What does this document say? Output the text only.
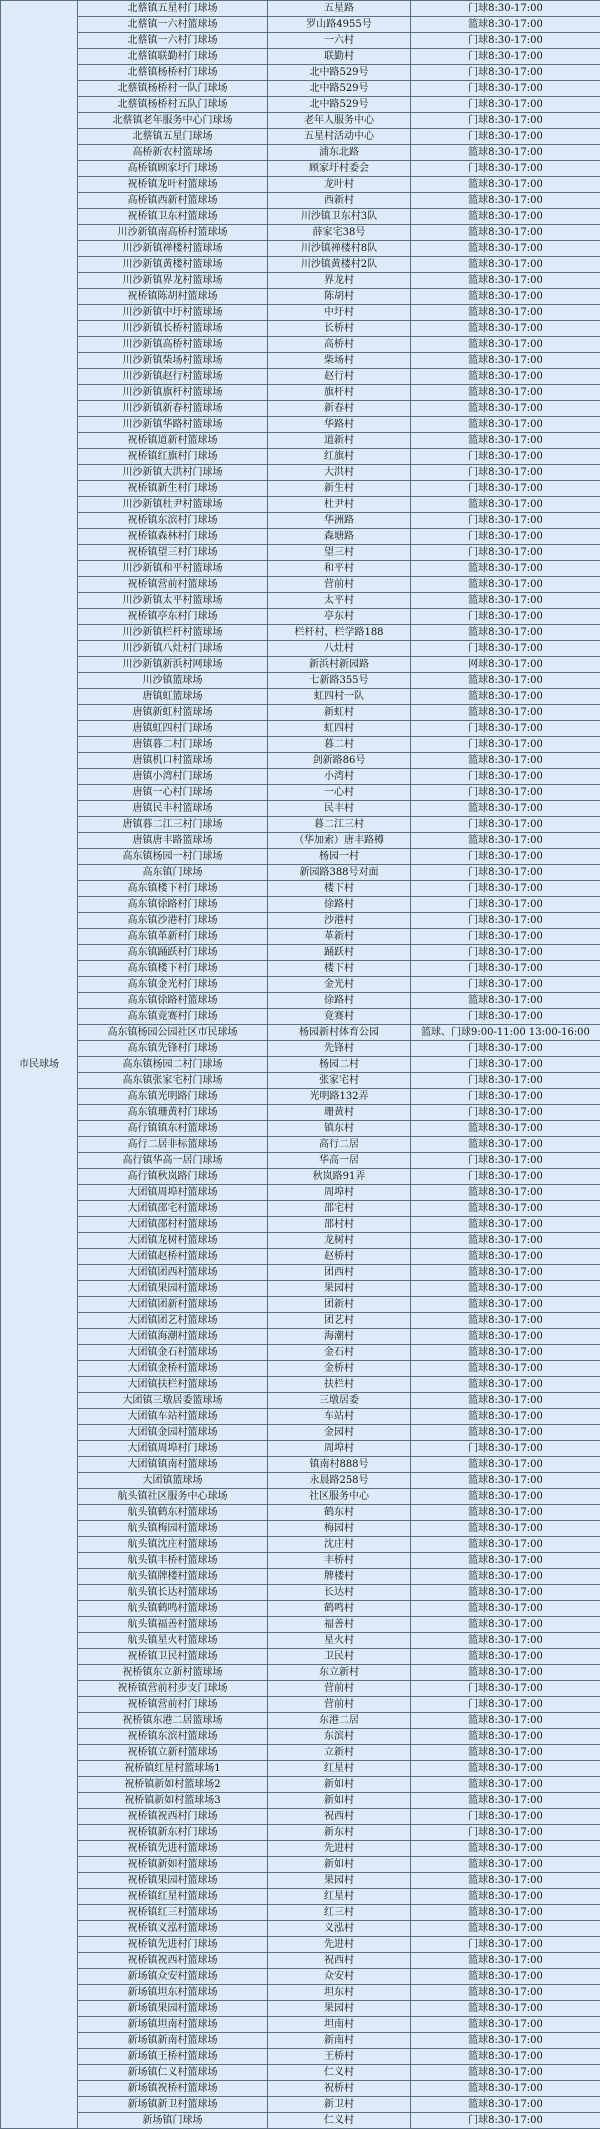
市民球场	北蔡镇五星村门球场	五星路	门球8:30-17:00
	北蔡镇一六村篮球场	罗山路4955号	篮球8:30-17:00
	北蔡镇一六村门球场	一六村	门球8:30-17:00
	北蔡镇联勤村门球场	联勤村	门球8:30-17:00
	北蔡镇杨桥村门球场	北中路529号	门球8:30-17:00
	北蔡镇杨桥村一队门球场	北中路529号	门球8:30-17:00
	北蔡镇杨桥村五队门球场	北中路529号	门球8:30-17:00
	北蔡镇老年服务中心门球场	老年人服务中心	门球8:30-17:00
	北蔡镇五星门球场	五星村活动中心	门球8:30-17:00
	高桥新农村篮球场	浦东北路	篮球8:30-17:00
	高桥镇顾家圩门球场	顾家圩村委会	门球8:30-17:00
	祝桥镇龙叶村篮球场	龙叶村	篮球8:30-17:00
	高桥镇西新村篮球场	西新村	篮球8:30-17:00
	祝桥镇卫东村篮球场	川沙镇卫东村3队	篮球8:30-17:00
	川沙新镇南高桥村篮球场	薛家宅38号	篮球8:30-17:00
	川沙新镇禅楼村篮球场	川沙镇禅楼村8队	篮球8:30-17:00
	川沙新镇黄楼村篮球场	川沙镇黄楼村2队	篮球8:30-17:00
	川沙新镇界龙村篮球场	界龙村	篮球8:30-17:00
	祝桥镇陈胡村篮球场	陈胡村	篮球8:30-17:00
	川沙新镇中圩村篮球场	中圩村	篮球8:30-17:00
	川沙新镇长桥村篮球场	长桥村	篮球8:30-17:00
	川沙新镇高桥村篮球场	高桥村	篮球8:30-17:00
	川沙新镇柴场村篮球场	柴场村	篮球8:30-17:00
	川沙新镇赵行村篮球场	赵行村	篮球8:30-17:00
	川沙新镇旗杆村篮球场	旗杆村	篮球8:30-17:00
	川沙新镇新春村篮球场	新春村	篮球8:30-17:00
	川沙新镇华路村篮球场	华路村	篮球8:30-17:00
	祝桥镇道新村篮球场	道新村	篮球8:30-17:00
	祝桥镇红旗村门球场	红旗村	门球8:30-17:00
	川沙新镇大洪村门球场	大洪村	门球8:30-17:00
	祝桥镇新生村门球场	新生村	门球8:30-17:00
	川沙新镇杜尹村篮球场	杜尹村	篮球8:30-17:00
	祝桥镇东滨村门球场	华洲路	门球8:30-17:00
	祝桥镇森林村门球场	森塘路	门球8:30-17:00
	祝桥镇望三村门球场	望三村	门球8:30-17:00
	川沙新镇和平村篮球场	和平村	篮球8:30-17:00
	祝桥镇营前村篮球场	营前村	篮球8:30-17:00
	川沙新镇太平村篮球场	太平村	篮球8:30-17:00
	祝桥镇亭东村门球场	亭东村	门球8:30-17:00
	川沙新镇栏杆村篮球场	栏杆村，栏学路188	篮球8:30-17:00
	川沙新镇八灶村门球场	八灶村	门球8:30-17:00
	川沙新镇新浜村网球场	新浜村新园路	网球8:30-17:00
	川沙镇篮球场	七新路355号	篮球8:30-17:00
	唐镇虹篮球场	虹四村一队	篮球8:30-17:00
	唐镇新虹村篮球场	新虹村	篮球8:30-17:00
	唐镇虹四村门球场	虹四村	门球8:30-17:00
	唐镇暮二村门球场	暮二村	门球8:30-17:00
	唐镇机口村篮球场	剑新路86号	篮球8:30-17:00
	唐镇小湾村门球场	小湾村	门球8:30-17:00
	唐镇一心村门球场	一心村	门球8:30-17:00
	唐镇民丰村篮球场	民丰村	篮球8:30-17:00
	唐镇暮二江三村门球场	暮二江三村	门球8:30-17:00
	唐镇唐丰路篮球场	（华加索）唐丰路樽	篮球8:30-17:00
	高东镇杨园一村门球场	杨园一村	门球8:30-17:00
	高东镇门球场	新园路388号对面	门球8:30-17:00
	高东镇楼下村门球场	楼下村	门球8:30-17:00
	高东镇徐路村门球场	徐路村	门球8:30-17:00
	高东镇沙港村门球场	沙港村	门球8:30-17:00
	高东镇革新村门球场	革新村	门球8:30-17:00
	高东镇踊跃村门球场	踊跃村	门球8:30-17:00
	高东镇楼下村门球场	楼下村	门球8:30-17:00
	高东镇金光村门球场	金光村	门球8:30-17:00
	高东镇徐路村篮球场	徐路村	篮球8:30-17:00
	高东镇竟赛村门球场	竟赛村	门球8:30-17:00
	高东镇杨园公园社区市民球场	杨园新村体育公园	篮球、门球9:00-11:00 13:00-16:00
	高东镇先锋村门球场	先锋村	门球8:30-17:00
	高东镇杨园二村门球场	杨园二村	门球8:30-17:00
	高东镇张家宅村门球场	张家宅村	门球8:30-17:00
	高东镇光明路门球场	光明路132弄	门球8:30-17:00
	高东镇珊黄村门球场	珊黄村	门球8:30-17:00
	高行镇镇东村篮球场	镇东村	篮球8:30-17:00
	高行二居非标篮球场	高行二居	篮球8:30-17:00
	高行镇华高一居门球场	华高一居	门球8:30-17:00
	高行镇秋岚路门球场	秋岚路91弄	门球8:30-17:00
	大团镇周埠村篮球场	周埠村	篮球8:30-17:00
	大团镇邵宅村篮球场	邵宅村	篮球8:30-17:00
	大团镇邵村村篮球场	邵村村	篮球8:30-17:00
	大团镇龙树村篮球场	龙树村	篮球8:30-17:00
	大团镇赵桥村篮球场	赵桥村	篮球8:30-17:00
	大团镇团西村篮球场	团西村	篮球8:30-17:00
	大团镇果园村篮球场	果园村	篮球8:30-17:00
	大团镇团新村篮球场	团新村	篮球8:30-17:00
	大团镇团艺村篮球场	团艺村	篮球8:30-17:00
	大团镇海潮村篮球场	海潮村	篮球8:30-17:00
	大团镇金石村篮球场	金石村	篮球8:30-17:00
	大团镇金桥村篮球场	金桥村	篮球8:30-17:00
	大团镇扶栏村篮球场	扶栏村	篮球8:30-17:00
	大团镇三墩居委篮球场	三墩居委	篮球8:30-17:00
	大团镇车站村篮球场	车站村	篮球8:30-17:00
	大团镇金园村篮球场	金园村	篮球8:30-17:00
	大团镇周埠村门球场	周埠村	门球8:30-17:00
	大团镇镇南村篮球场	镇南村888号	篮球8:30-17:00
	大团镇篮球场	永晨路258号	篮球8:30-17:00
	航头镇社区服务中心球场	社区服务中心	篮球8:30-17:00
	航头镇鹤东村篮球场	鹤东村	篮球8:30-17:00
	航头镇梅园村篮球场	梅园村	篮球8:30-17:00
	航头镇沈庄村篮球场	沈庄村	篮球8:30-17:00
	航头镇丰桥村篮球场	丰桥村	篮球8:30-17:00
	航头镇牌楼村篮球场	牌楼村	篮球8:30-17:00
	航头镇长达村篮球场	长达村	篮球8:30-17:00
	航头镇鹤鸣村篮球场	鹤鸣村	篮球8:30-17:00
	航头镇福善村篮球场	福善村	篮球8:30-17:00
	航头镇星火村篮球场	星火村	篮球8:30-17:00
	祝桥镇卫民村篮球场	卫民村	篮球8:30-17:00
	祝桥镇东立新村篮球场	东立新村	篮球8:30-17:00
	祝桥镇营前村步支门球场	营前村	门球8:30-17:00
	祝桥镇营前村门球场	营前村	门球8:30-17:00
	祝桥镇东港二居篮球场	东港二居	篮球8:30-17:00
	祝桥镇东滨村篮球场	东滨村	篮球8:30-17:00
	祝桥镇立新村篮球场	立新村	篮球8:30-17:00
	祝桥镇红星村篮球场1	红星村	篮球8:30-17:00
	祝桥镇新如村篮球场2	新如村	篮球8:30-17:00
	祝桥镇新如村篮球场3	新如村	篮球8:30-17:00
	祝桥镇祝西村门球场	祝西村	门球8:30-17:00
	祝桥镇新东村门球场	新东村	门球8:30-17:00
	祝桥镇先进村篮球场	先进村	篮球8:30-17:00
	祝桥镇新如村篮球场	新如村	篮球8:30-17:00
	祝桥镇果园村篮球场	果园村	篮球8:30-17:00
	祝桥镇红星村篮球场	红星村	篮球8:30-17:00
	祝桥镇红三村篮球场	红三村	篮球8:30-17:00
	祝桥镇义泓村篮球场	义泓村	篮球8:30-17:00
	祝桥镇先进村门球场	先进村	门球8:30-17:00
	祝桥镇祝西村篮球场	祝西村	篮球8:30-17:00
	新场镇众安村篮球场	众安村	篮球8:30-17:00
	新场镇坦东村篮球场	坦东村	篮球8:30-17:00
	新场镇果园村篮球场	果园村	篮球8:30-17:00
	新场镇坦南村篮球场	坦南村	篮球8:30-17:00
	新场镇新南村篮球场	新南村	篮球8:30-17:00
	新场镇王桥村篮球场	王桥村	篮球8:30-17:00
	新场镇仁义村篮球场	仁义村	篮球8:30-17:00
	新场镇祝桥村篮球场	祝桥村	篮球8:30-17:00
	新场镇新卫村篮球场	新卫村	篮球8:30-17:00
	新场镇门球场	仁义村	门球8:30-17:00
